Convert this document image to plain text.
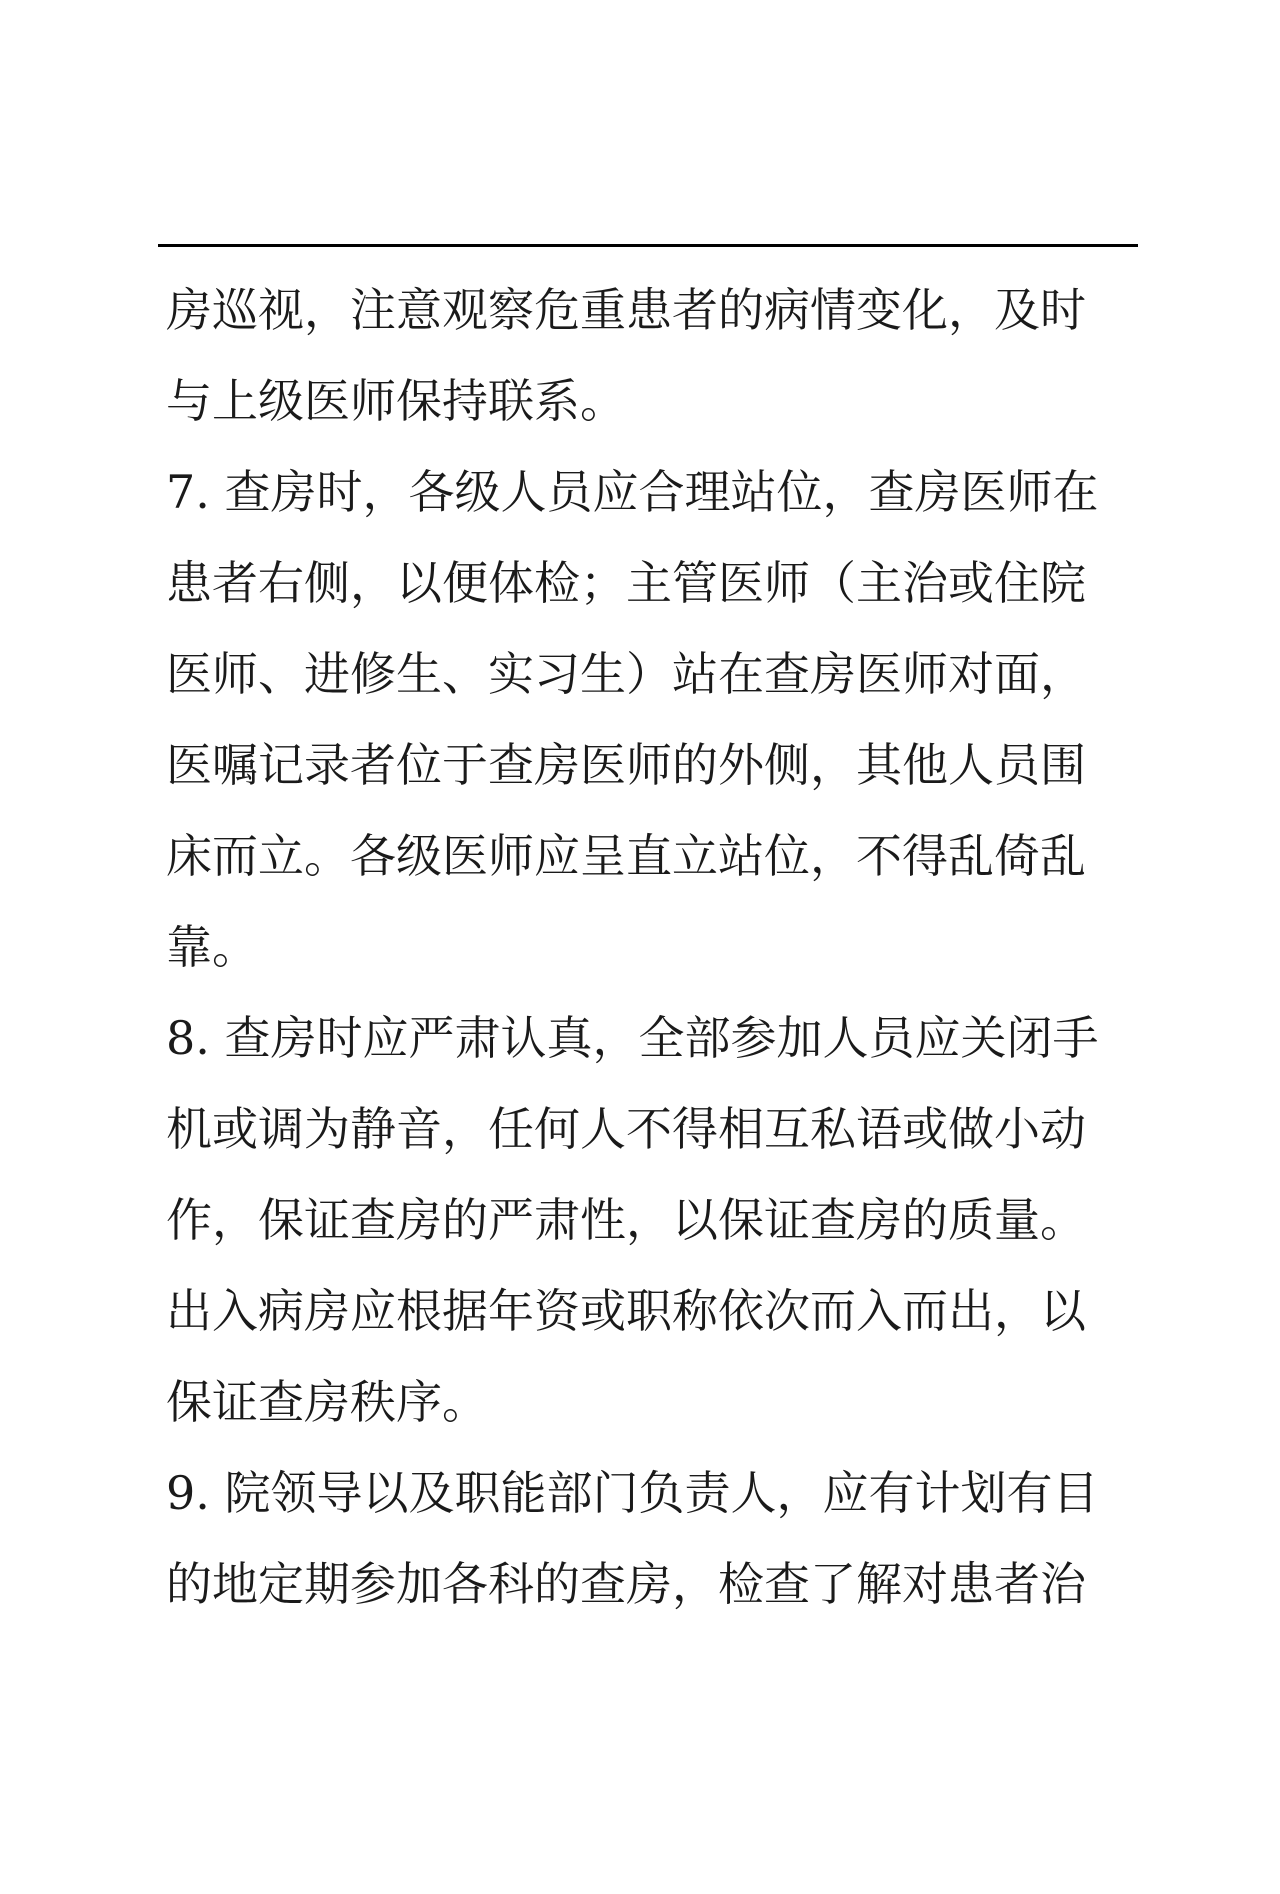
房巡视，注意观察危重患者的病情变化，及时
与上级医师保持联系。
7. 查房时，各级人员应合理站位，查房医师在
患者右侧，以便体检；主管医师（主治或住院
医师、进修生、实习生）站在查房医师对面，
医嘱记录者位于查房医师的外侧，其他人员围
床而立。各级医师应呈直立站位，不得乱倚乱
靠。
8. 查房时应严肃认真，全部参加人员应关闭手
机或调为静音，任何人不得相互私语或做小动
作，保证查房的严肃性，以保证查房的质量。
出入病房应根据年资或职称依次而入而出，以
保证查房秩序。
9. 院领导以及职能部门负责人，应有计划有目
的地定期参加各科的查房，检查了解对患者治
